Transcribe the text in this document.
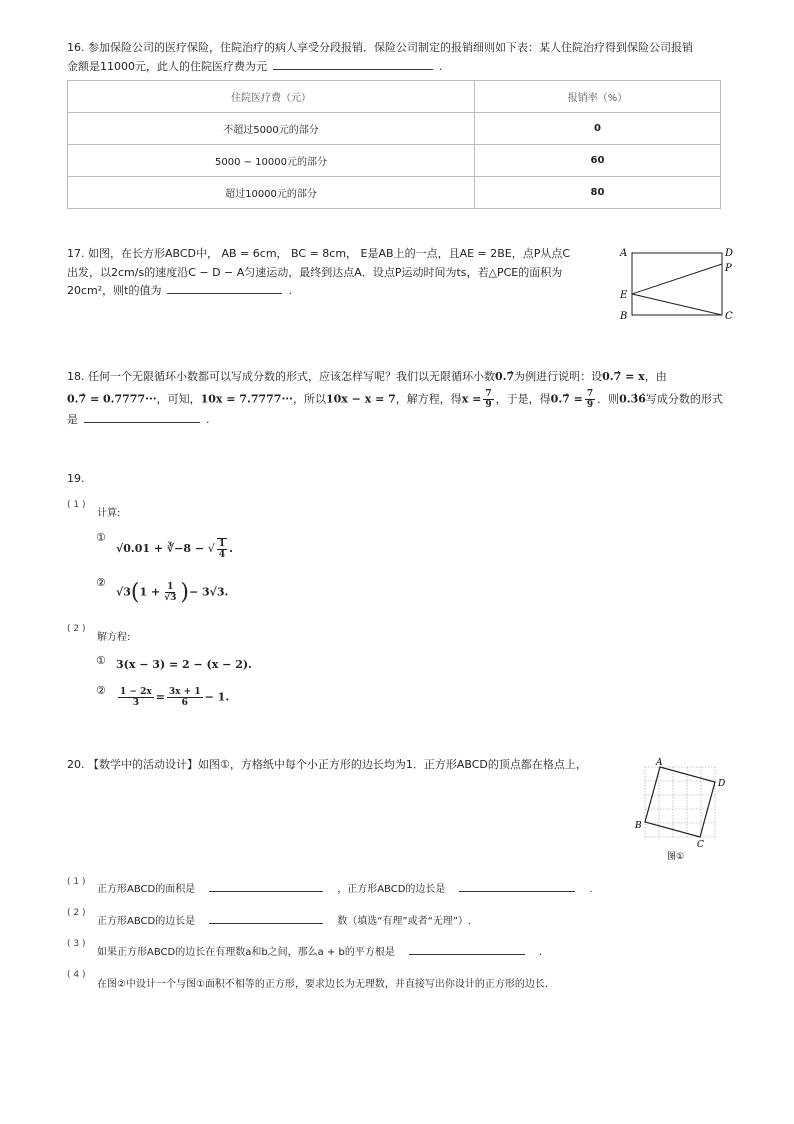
16. 参加保险公司的医疗保险，住院治疗的病人享受分段报销．保险公司制定的报销细则如下表：某人住院治疗得到保险公司报销
金额是11000元，此人的住院医疗费为元	.
住院医疗费（元）	报销率（%）
不超过5000元的部分	0
5000 − 10000元的部分	60
超过10000元的部分	80
17. 如图，在长方形ABCD中， AB = 6cm， BC = 8cm， E是AB上的一点，且AE = 2BE，点P从点C
出发，以2cm/s的速度沿C − D − A匀速运动，最终到达点A．设点P运动时间为ts，若△PCE的面积为
20cm²，则t的值为	.
A	D
P
E
B	C
18. 任何一个无限循环小数都可以写成分数的形式，应该怎样写呢？我们以无限循环小数0.7̇为例进行说明：设0.7̇ = x，由
0.7̇ = 0.7777···，可知，10x = 7.7777···，所以10x − x = 7，解方程，得$x = \frac{7}{9}$ ，于是，得0.7̇ = $\frac{7}{9}$ ．则0.3̇6̇写成分数的形式
是	.
19.
( 1 )
计算:
①
√0.01 + ∛−8 − √ $\frac{1}{4}$ .
②
$√3(1 + \frac{1}{√3}$ )− 3√3.
( 2 )
解方程:
① 3(x − 3) = 2 − (x − 2).
② $\frac{1 - 2x}{3} = \frac{3x + 1}{6} - 1$.
20. 【数学中的活动设计】如图①，方格纸中每个小正方形的边长均为1．正方形ABCD的顶点都在格点上，	A
D
B
C
图①
( 1 )
正方形ABCD的面积是	，正方形ABCD的边长是	.
( 2 )
正方形ABCD的边长是	数（填选“有理”或者“无理”）.
( 3 )
如果正方形ABCD的边长在有理数a和b之间，那么a + b的平方根是	.
( 4 )
在图②中设计一个与图①面积不相等的正方形，要求边长为无理数，并直接写出你设计的正方形的边长.
